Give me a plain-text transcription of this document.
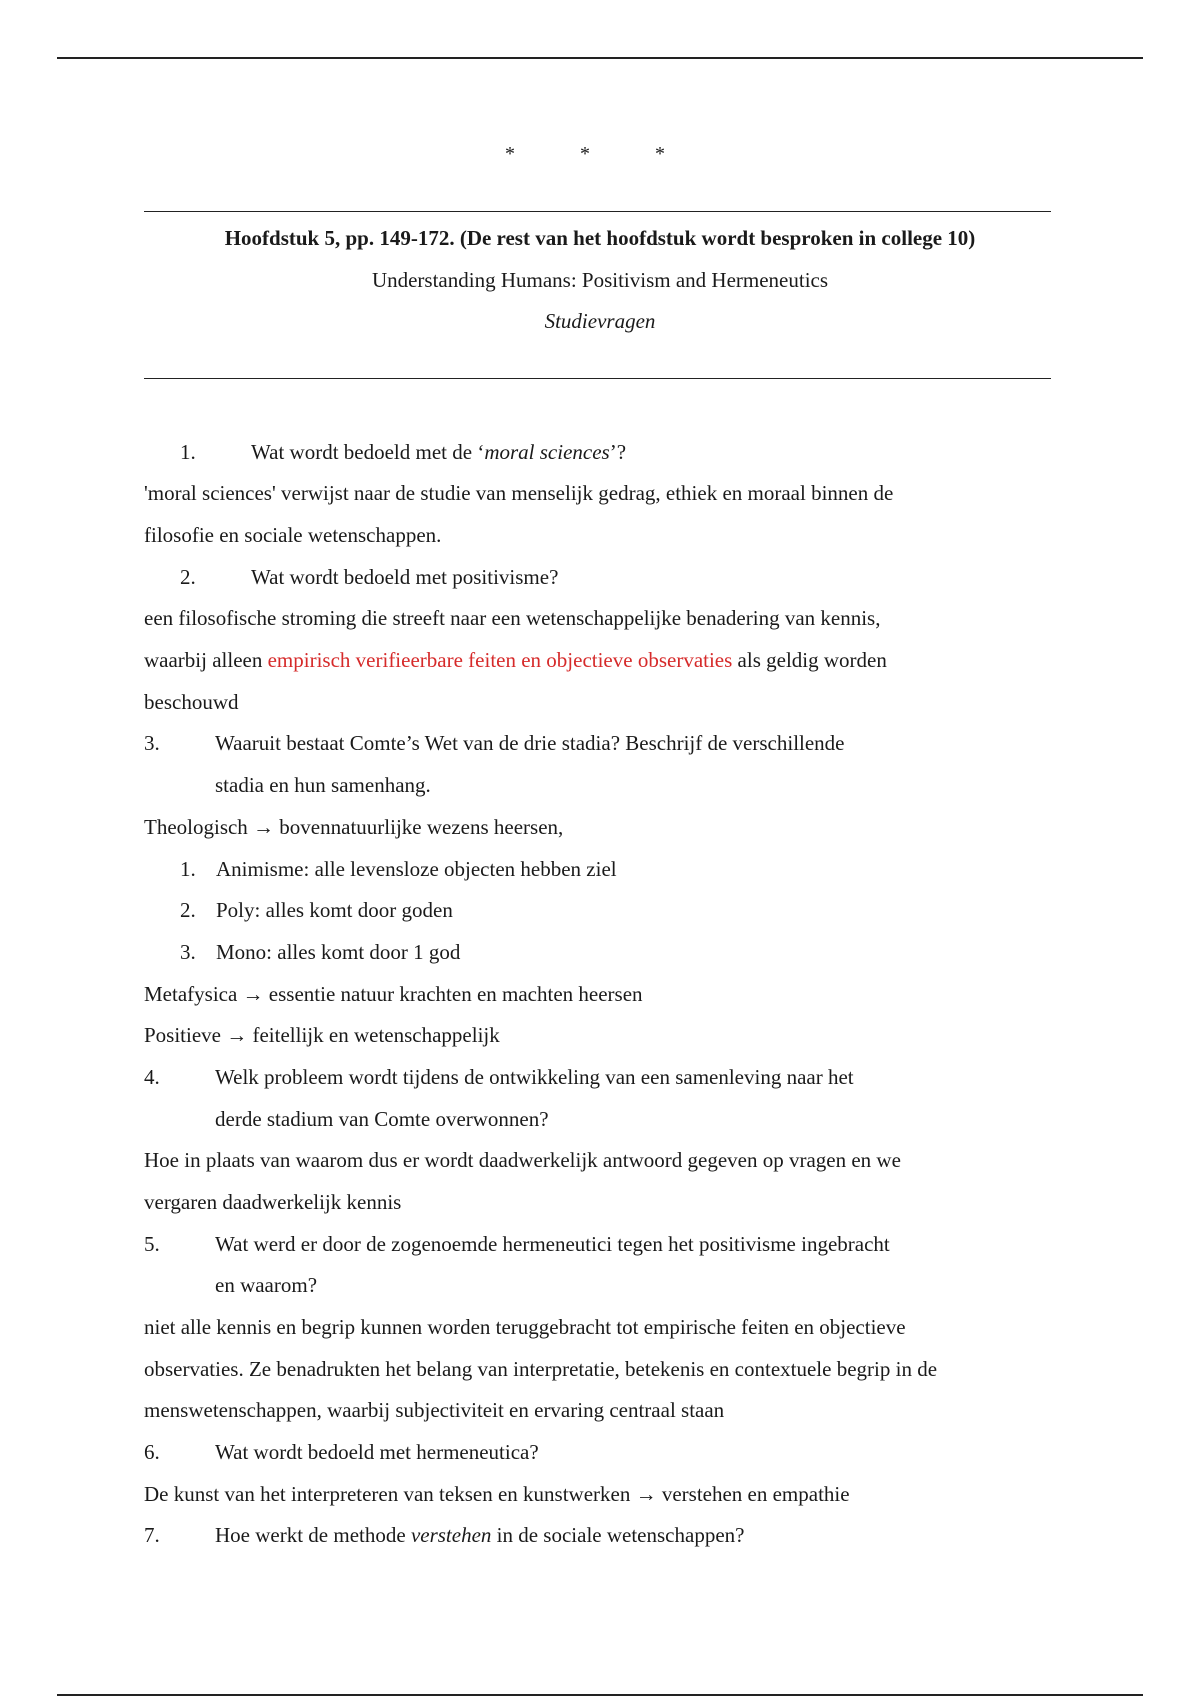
* * *
Hoofdstuk 5, pp. 149-172. (De rest van het hoofdstuk wordt besproken in college 10)
Understanding Humans: Positivism and Hermeneutics
Studievragen
1.	Wat wordt bedoeld met de ‘moral sciences’?
'moral sciences' verwijst naar de studie van menselijk gedrag, ethiek en moraal binnen de
filosofie en sociale wetenschappen.
2.	Wat wordt bedoeld met positivisme?
een filosofische stroming die streeft naar een wetenschappelijke benadering van kennis,
waarbij alleen empirisch verifieerbare feiten en objectieve observaties als geldig worden
beschouwd
3.	Waaruit bestaat Comte’s Wet van de drie stadia? Beschrijf de verschillende
stadia en hun samenhang.
Theologisch → bovennatuurlijke wezens heersen,
1. Animisme: alle levensloze objecten hebben ziel
2. Poly: alles komt door goden
3. Mono: alles komt door 1 god
Metafysica → essentie natuur krachten en machten heersen
Positieve → feitellijk en wetenschappelijk
4.	Welk probleem wordt tijdens de ontwikkeling van een samenleving naar het
derde stadium van Comte overwonnen?
Hoe in plaats van waarom dus er wordt daadwerkelijk antwoord gegeven op vragen en we
vergaren daadwerkelijk kennis
5.	Wat werd er door de zogenoemde hermeneutici tegen het positivisme ingebracht
en waarom?
niet alle kennis en begrip kunnen worden teruggebracht tot empirische feiten en objectieve
observaties. Ze benadrukten het belang van interpretatie, betekenis en contextuele begrip in de
menswetenschappen, waarbij subjectiviteit en ervaring centraal staan
6.	Wat wordt bedoeld met hermeneutica?
De kunst van het interpreteren van teksen en kunstwerken → verstehen en empathie
7.	Hoe werkt de methode verstehen in de sociale wetenschappen?
